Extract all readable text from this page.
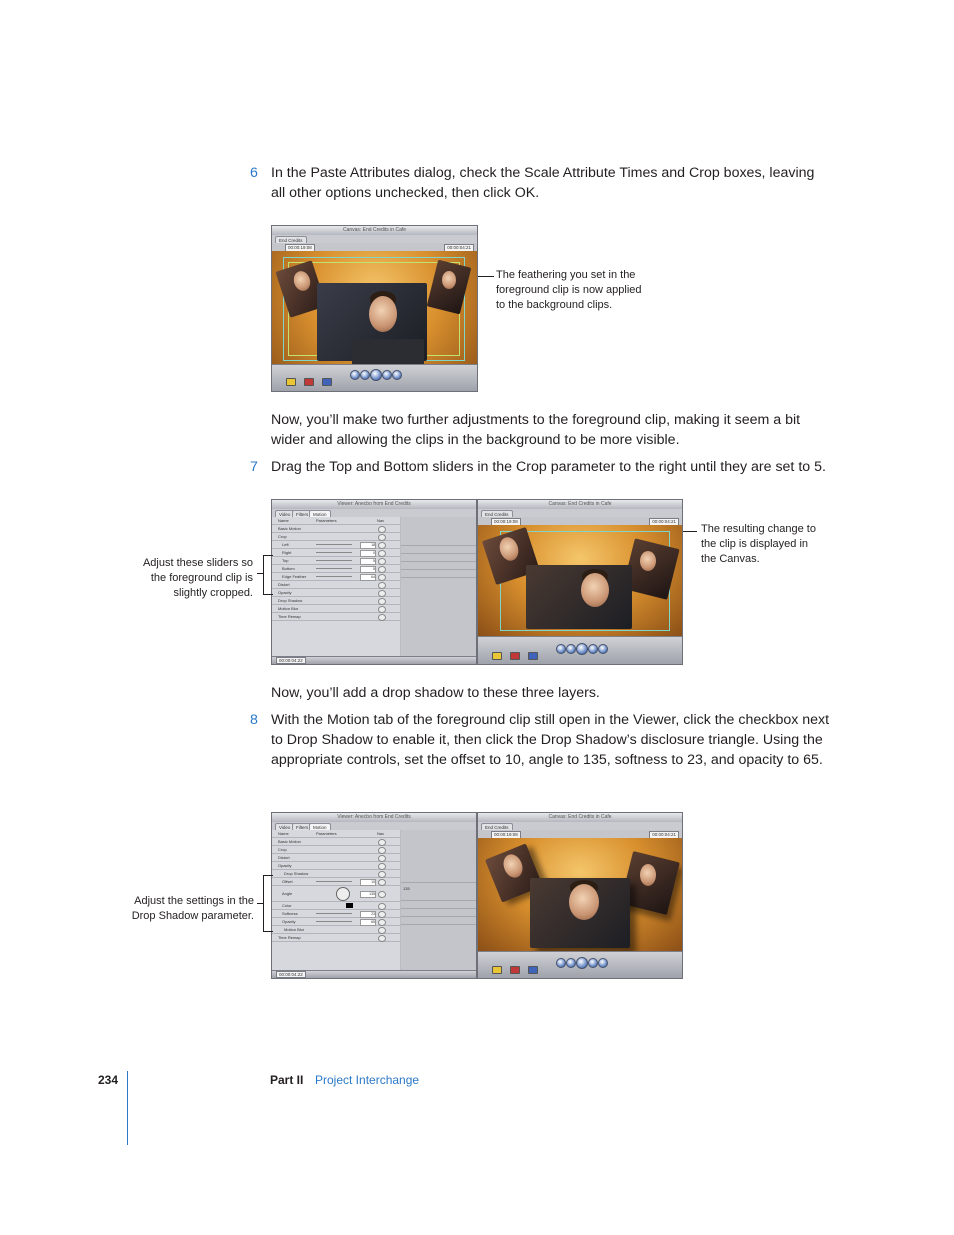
6 In the Paste Attributes dialog, check the Scale Attribute Times and Crop boxes, leaving all other options unchecked, then click OK.
Canvas: End Credits in Cafe
End Credits
00:00:19:08	00:00:04:21
The feathering you set in the foreground clip is now applied to the background clips.
Now, you’ll make two further adjustments to the foreground clip, making it seem a bit wider and allowing the clips in the background to be more visible.
7 Drag the Top and Bottom sliders in the Crop parameter to the right until they are set to 5.
Viewer: Anecbo from End Credits
Video	Filters	Motion
Name	Parameters	Nav
Basic Motion
Crop
Left	18
Right	0
Top	5
Bottom	5
Edge Feather	64
Distort
Opacity
Drop Shadow
Motion Blur
Time Remap
00:00:04:22
Canvas: End Credits in Cafe
End Credits
00:00:19:08	00:00:04:21
Adjust these sliders so the foreground clip is slightly cropped.
The resulting change to the clip is displayed in the Canvas.
Now, you’ll add a drop shadow to these three layers.
8 With the Motion tab of the foreground clip still open in the Viewer, click the checkbox next to Drop Shadow to enable it, then click the Drop Shadow’s disclosure triangle. Using the appropriate controls, set the offset to 10, angle to 135, softness to 23, and opacity to 65.
Viewer: Anecbo from End Credits
Video	Filters	Motion
Name	Parameters	Nav
Basic Motion
Crop
Distort
Opacity
Drop Shadow
Offset	10
Angle	135
Color
Softness	23
Opacity	65
Motion Blur
Time Remap
135
00:00:04:22
Canvas: End Credits in Cafe
End Credits
00:00:19:08	00:00:04:21
Adjust the settings in the Drop Shadow parameter.
234	Part II Project Interchange
